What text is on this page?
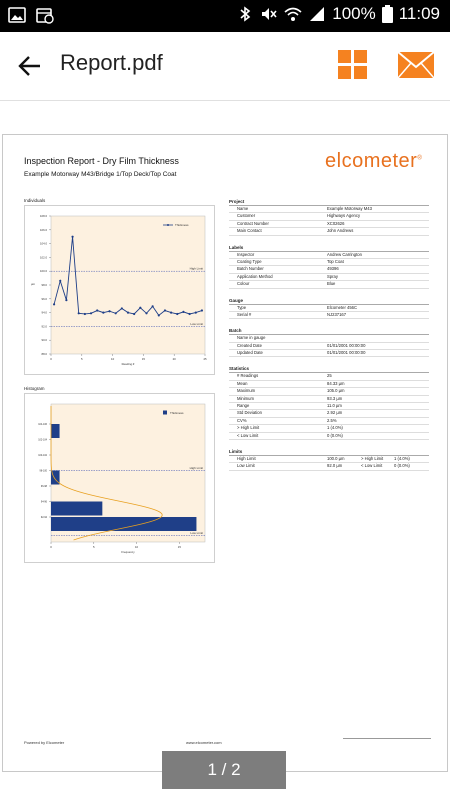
100% 11:09
Report.pdf
Inspection Report - Dry Film Thickness
Example Motorway M43/Bridge 1/Top Deck/Top Coat
elcometer®
Individuals
88.0
90.0
92.0
94.0
96.0
98.0
100.0
102.0
104.0
106.0
108.0
0	5	10	15	20	25
Reading #
µm
High Limit
Low Limit
Thickness
Histogram
104-106
102-104
100-102
98-100
96-98
94-96
92-94
0	5	10	15
Frequency
High Limit
Low Limit
Thickness
Project
Name	Example Motorway M43
Customer	Highways Agency
Contract Number	XC02626
Main Contact	John Andrews
Labels
Inspector	Andrew Carrington
Coating Type	Top Coat
Batch Number	49396
Application Method	Spray
Colour	Blue
Gauge
Type	Elcometer 456C
Serial #	NJ237167
Batch
Name in gauge
Created Date	01/01/2001 00:00:00
Updated Date	01/01/2001 00:00:00
Statistics
# Readings	25
Mean	84.33 µm
Maximum	105.0 µm
Minimum	93.3 µm
Range	11.0 µm
Std Deviation	2.92 µm
CV%	2.5%
> High Limit	1 (4.0%)
< Low Limit	0 (0.0%)
Limits
High Limit	100.0 µm	> High Limit	1 (4.0%)
Low Limit	92.0 µm	< Low Limit	0 (0.0%)
Powered by Elcometer	www.elcometer.com
1 / 2
